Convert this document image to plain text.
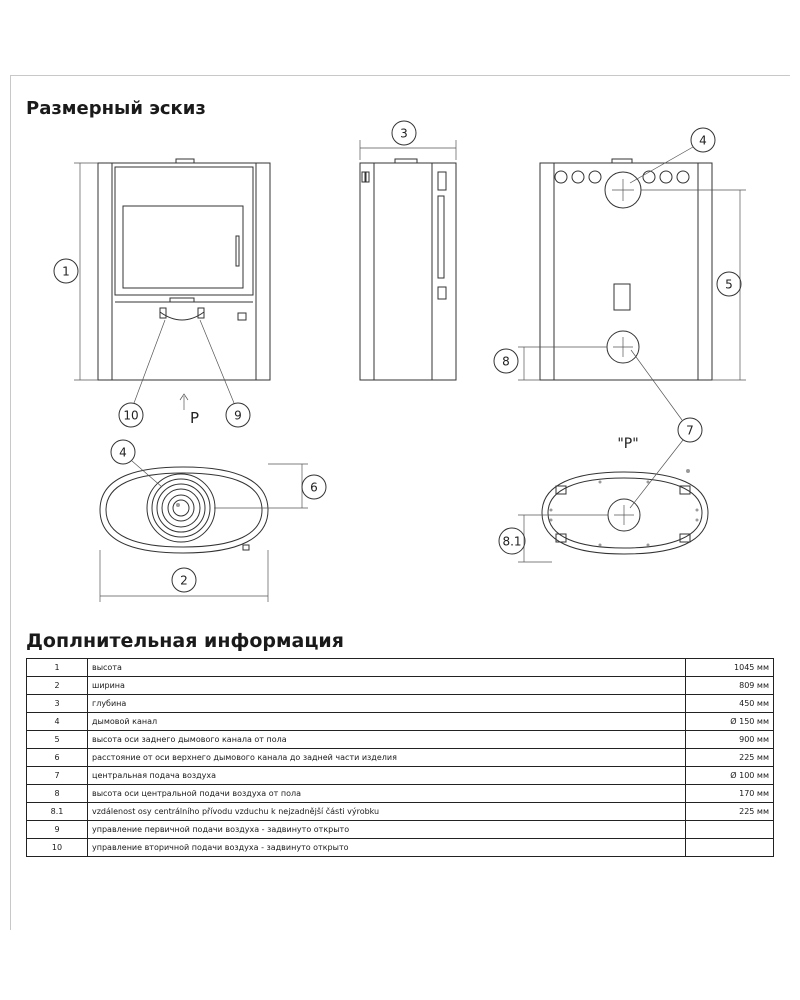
Размерный эскиз
1
10	9
P
3	4
5
8
7
"P"
4
6
2
8.1
Доплнительная информация
1	высота	1045 мм
2	ширина	809 мм
3	глубина	450 мм
4	дымовой канал	Ø 150 мм
5	высота оси заднего дымового канала от пола	900 мм
6	расстояние от оси верхнего дымового канала до задней части изделия	225 мм
7	центральная подача воздуха	Ø 100 мм
8	высота оси центральной подачи воздуха от пола	170 мм
8.1	vzdálenost osy centrálního přívodu vzduchu k nejzadnější části výrobku	225 мм
9	управление первичной подачи воздуха - задвинуто открыто	
10	управление вторичной подачи воздуха - задвинуто открыто	
